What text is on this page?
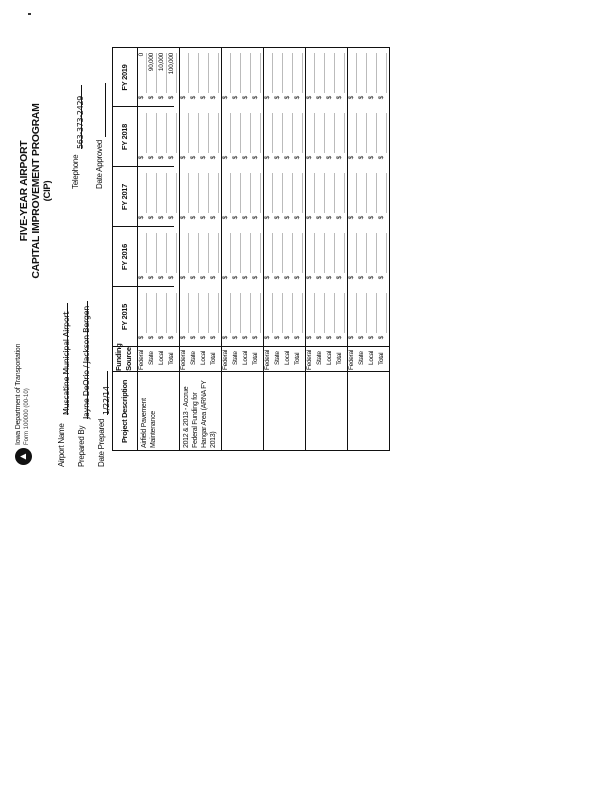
▲
Iowa Department of Transportation Form 100000 (00-10)
FIVE-YEAR AIRPORT CAPITAL IMPROVEMENT PROGRAM (CIP)
Airport Name
Muscatine Municipal Airport
Prepared By
Jayne DeOrio / Jackson Bergen
Date Prepared
1/22/14
Telephone
563-373-2429
Date Approved
Project Description
Funding Source
FY 2015
FY 2016
FY 2017
FY 2018
FY 2019
Airfield Pavement Maintenance
Federal
$
$
$
$
$
0
State
$
$
$
$
$
90,000
Local
$
$
$
$
$
10,000
Total
$
$
$
$
$
100,000
2012 & 2013 - Accrue Federal Funding for Hangar Area (ARNA FY 2013)
Federal
$
$
$
$
$
State
$
$
$
$
$
Local
$
$
$
$
$
Total
$
$
$
$
$
Federal
$
$
$
$
$
State
$
$
$
$
$
Local
$
$
$
$
$
Total
$
$
$
$
$
Federal
$
$
$
$
$
State
$
$
$
$
$
Local
$
$
$
$
$
Total
$
$
$
$
$
Federal
$
$
$
$
$
State
$
$
$
$
$
Local
$
$
$
$
$
Total
$
$
$
$
$
Federal
$
$
$
$
$
State
$
$
$
$
$
Local
$
$
$
$
$
Total
$
$
$
$
$
